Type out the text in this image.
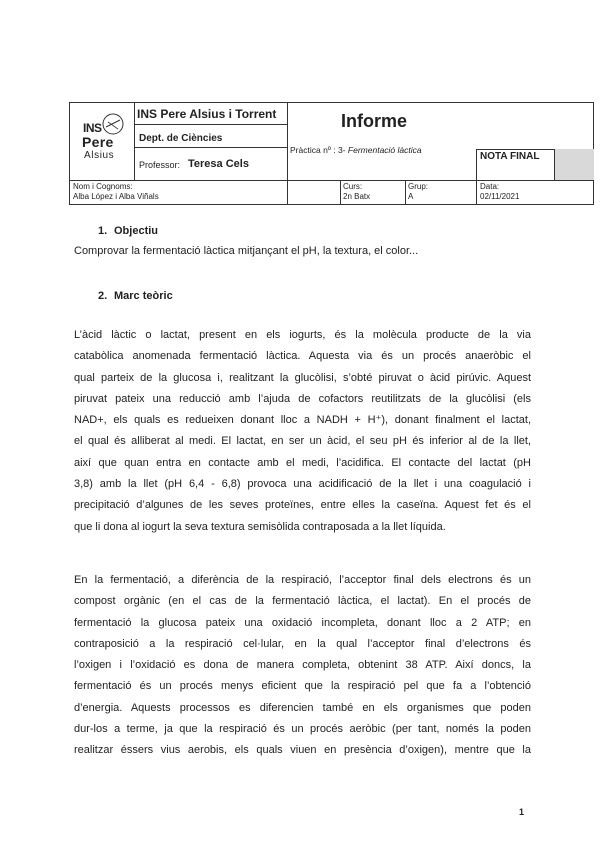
INS
Pere
Alsius
INS Pere Alsius i Torrent
Dept. de Ciències
Professor: Teresa Cels
Informe
Pràctica nº : 3- Fermentació làctica
NOTA FINAL
Nom i Cognoms:
Alba López i Alba Viñals
Curs:
2n Batx
Grup:
A
Data:
02/11/2021
1. Objectiu
Comprovar la fermentació làctica mitjançant el pH, la textura, el color...
2. Marc teòric
L’àcid làctic o lactat, present en els iogurts, és la molècula producte de la via
catabòlica anomenada fermentació làctica. Aquesta via és un procés anaeròbic el
qual parteix de la glucosa i, realitzant la glucòlisi, s’obté piruvat o àcid pirúvic. Aquest
piruvat pateix una reducció amb l’ajuda de cofactors reutilitzats de la glucòlisi (els
NAD+, els quals es redueixen donant lloc a NADH + H⁺), donant finalment el lactat,
el qual és alliberat al medi. El lactat, en ser un àcid, el seu pH és inferior al de la llet,
així que quan entra en contacte amb el medi, l’acidifica. El contacte del lactat (pH
3,8) amb la llet (pH 6,4 - 6,8) provoca una acidificació de la llet i una coagulació i
precipitació d’algunes de les seves proteïnes, entre elles la caseïna. Aquest fet és el
que li dona al iogurt la seva textura semisòlida contraposada a la llet líquida.
En la fermentació, a diferència de la respiració, l’acceptor final dels electrons és un
compost orgànic (en el cas de la fermentació làctica, el lactat). En el procés de
fermentació la glucosa pateix una oxidació incompleta, donant lloc a 2 ATP; en
contraposició a la respiració cel·lular, en la qual l’acceptor final d’electrons és
l’oxigen i l’oxidació es dona de manera completa, obtenint 38 ATP. Així doncs, la
fermentació és un procés menys eficient que la respiració pel que fa a l’obtenció
d’energia. Aquests processos es diferencien també en els organismes que poden
dur-los a terme, ja que la respiració és un procés aeròbic (per tant, només la poden
realitzar éssers vius aerobis, els quals viuen en presència d’oxigen), mentre que la
1
